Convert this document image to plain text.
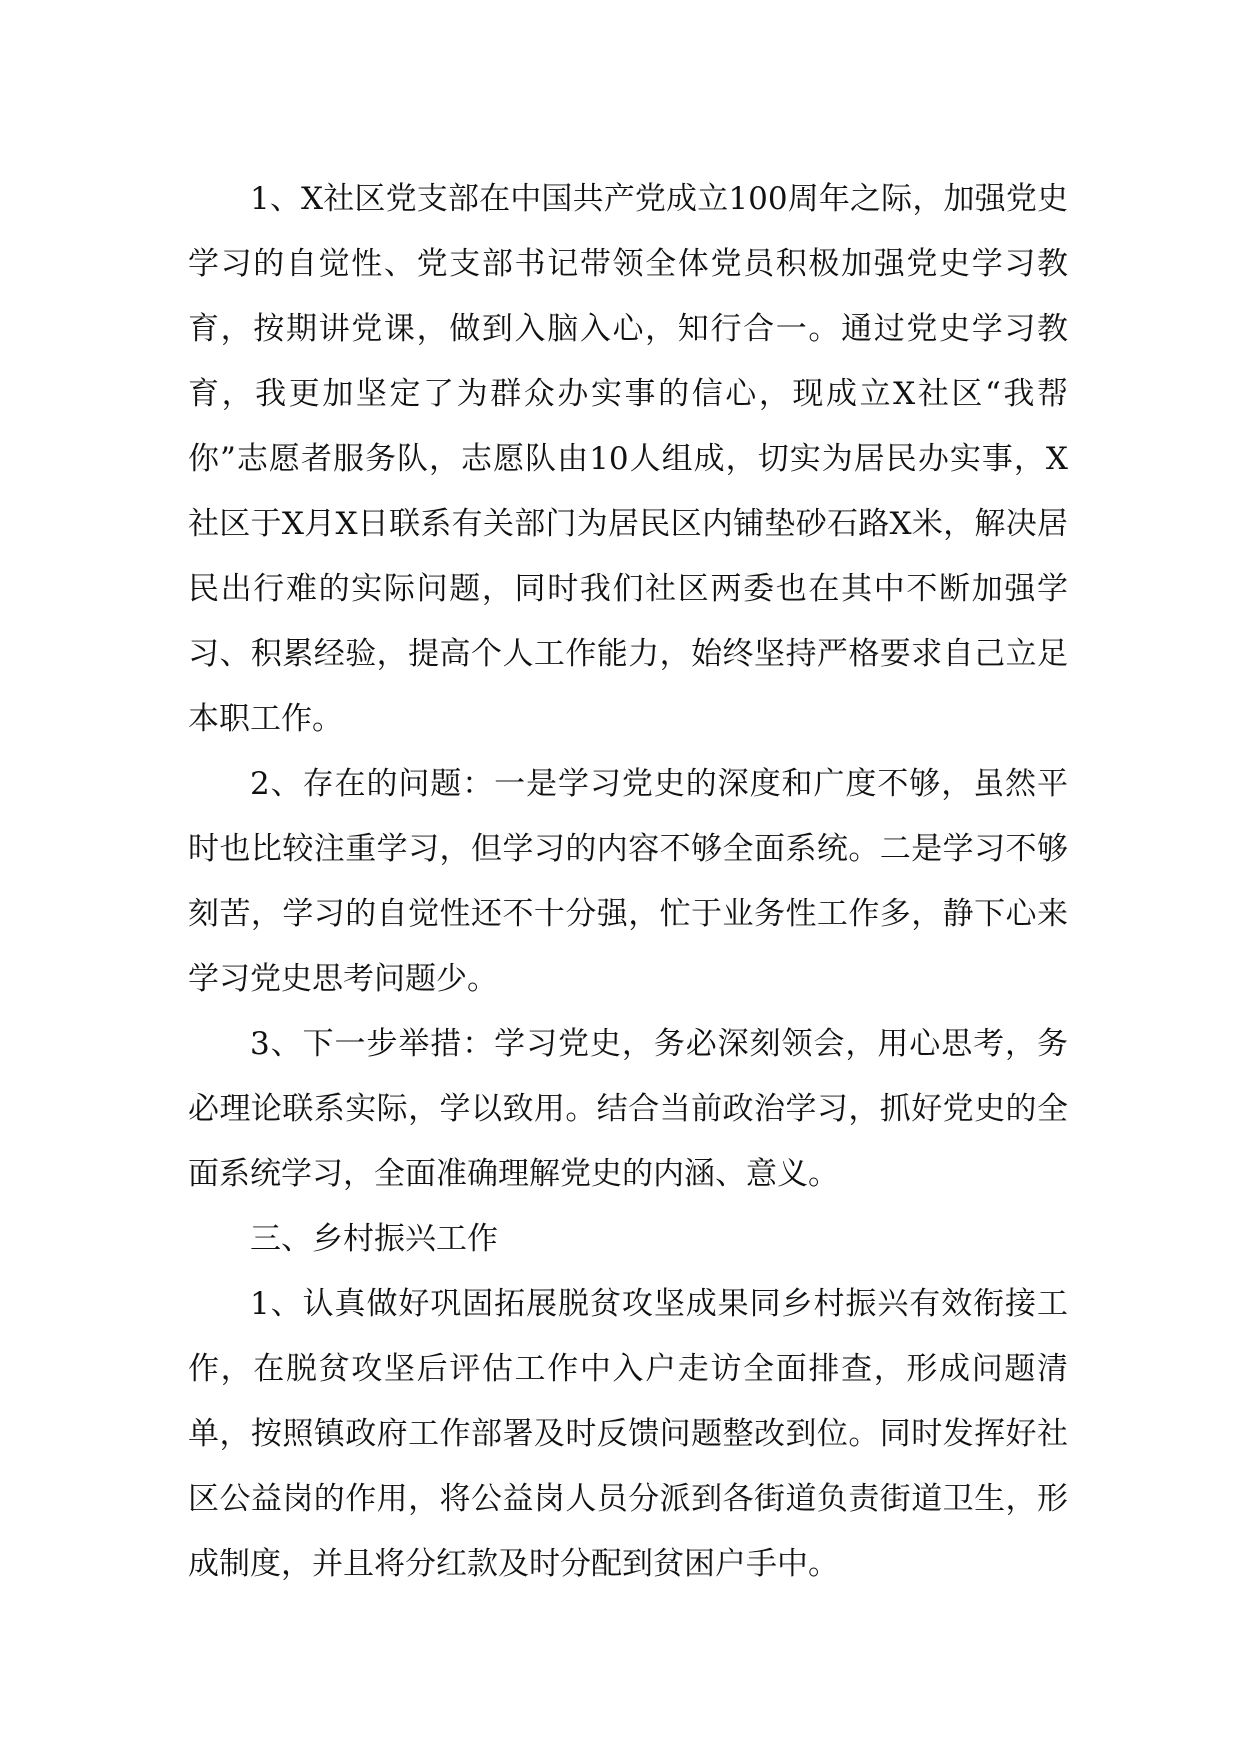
1、X社区党支部在中国共产党成立100周年之际，加强党史学习的自觉性、党支部书记带领全体党员积极加强党史学习教育，按期讲党课，做到入脑入心，知行合一。通过党史学习教育，我更加坚定了为群众办实事的信心，现成立X社区“我帮你”志愿者服务队，志愿队由10人组成，切实为居民办实事，X社区于X月X日联系有关部门为居民区内铺垫砂石路X米，解决居民出行难的实际问题，同时我们社区两委也在其中不断加强学习、积累经验，提高个人工作能力，始终坚持严格要求自己立足本职工作。

2、存在的问题：一是学习党史的深度和广度不够，虽然平时也比较注重学习，但学习的内容不够全面系统。二是学习不够刻苦，学习的自觉性还不十分强，忙于业务性工作多，静下心来学习党史思考问题少。

3、下一步举措：学习党史，务必深刻领会，用心思考，务必理论联系实际，学以致用。结合当前政治学习，抓好党史的全面系统学习，全面准确理解党史的内涵、意义。

三、乡村振兴工作

1、认真做好巩固拓展脱贫攻坚成果同乡村振兴有效衔接工作，在脱贫攻坚后评估工作中入户走访全面排查，形成问题清单，按照镇政府工作部署及时反馈问题整改到位。同时发挥好社区公益岗的作用，将公益岗人员分派到各街道负责街道卫生，形成制度，并且将分红款及时分配到贫困户手中。
